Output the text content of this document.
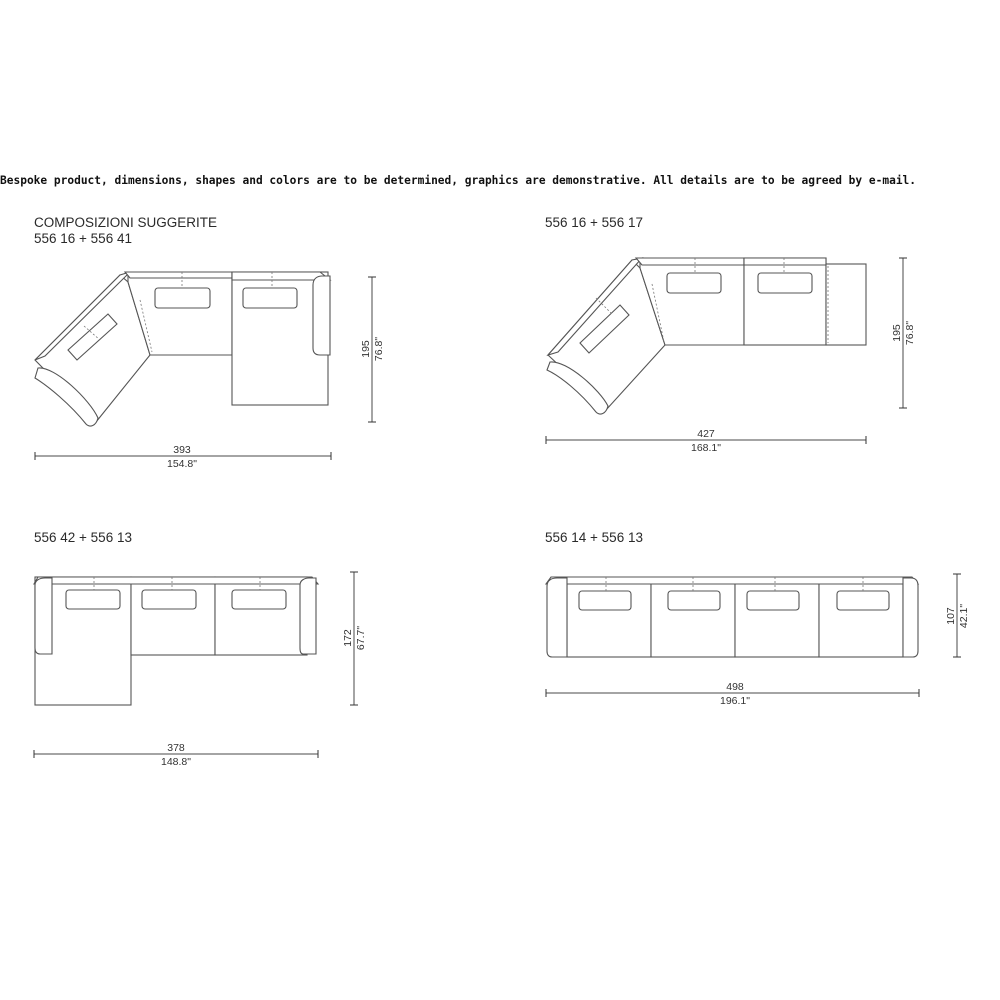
Bespoke product, dimensions, shapes and colors are to be determined, graphics are demonstrative. All details are to be agreed by e-mail.
COMPOSIZIONI SUGGERITE
556 16 + 556 41
556 16 + 556 17
556 42 + 556 13	556 14 + 556 13
393
154.8"
195 76.8"
427
168.1"
195 76.8"
378
148.8"
172 67.7"
498
196.1"
107 42.1"
